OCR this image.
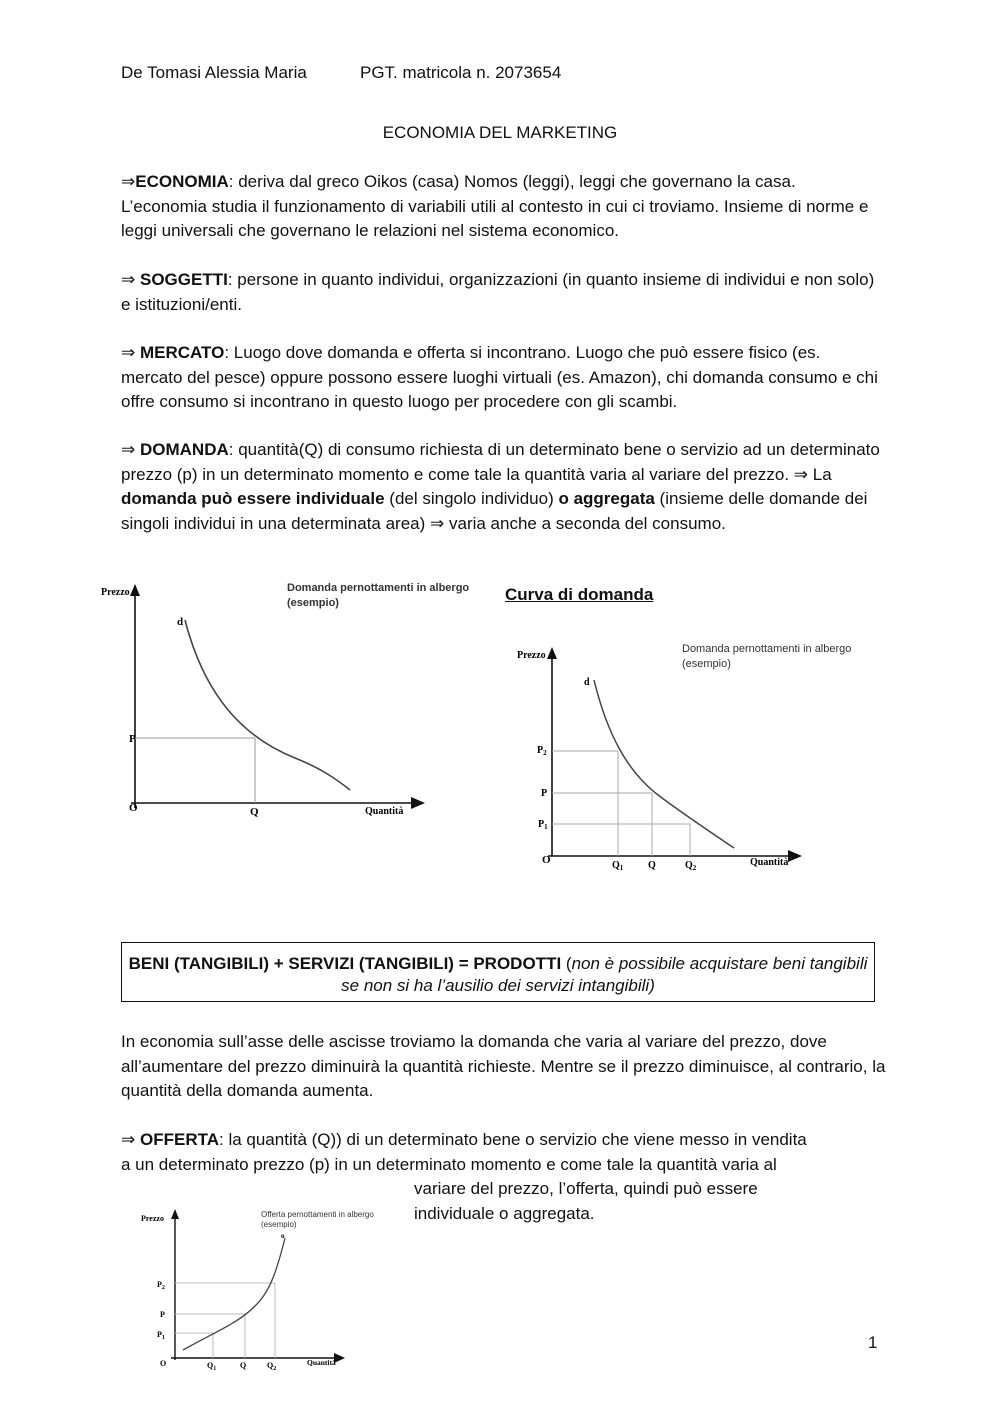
De Tomasi Alessia Maria	PGT. matricola n. 2073654
ECONOMIA DEL MARKETING
⇒ECONOMIA: deriva dal greco Oikos (casa) Nomos (leggi), leggi che governano la casa. L’economia studia il funzionamento di variabili utili al contesto in cui ci troviamo. Insieme di norme e leggi universali che governano le relazioni nel sistema economico.
⇒ SOGGETTI: persone in quanto individui, organizzazioni (in quanto insieme di individui e non solo) e istituzioni/enti.
⇒ MERCATO: Luogo dove domanda e offerta si incontrano. Luogo che può essere fisico (es. mercato del pesce) oppure possono essere luoghi virtuali (es. Amazon), chi domanda consumo e chi offre consumo si incontrano in questo luogo per procedere con gli scambi.
⇒ DOMANDA: quantità(Q) di consumo richiesta di un determinato bene o servizio ad un determinato prezzo (p) in un determinato momento e come tale la quantità varia al variare del prezzo. ⇒ La domanda può essere individuale (del singolo individuo) o aggregata (insieme delle domande dei singoli individui in una determinata area) ⇒ varia anche a seconda del consumo.
Prezzo
Quantità
Domanda pernottamenti in albergo
(esempio)
d
O
P
Q
Curva di domanda
Prezzo
Quantità
Domanda pernottamenti in albergo
(esempio)
d
O
$P_2$
P
$P_1$
$Q_1$ Q	$Q_2$
BENI (TANGIBILI) + SERVIZI (TANGIBILI) = PRODOTTI (non è possibile acquistare beni tangibili se non si ha l’ausilio dei servizi intangibili)
In economia sull’asse delle ascisse troviamo la domanda che varia al variare del prezzo, dove all’aumentare del prezzo diminuirà la quantità richieste. Mentre se il prezzo diminuisce, al contrario, la quantità della domanda aumenta.
⇒ OFFERTA: la quantità (Q)) di un determinato bene o servizio che viene messo in vendita
a un determinato prezzo (p) in un determinato momento e come tale la quantità varia al
variare del prezzo, l’offerta, quindi può essere
individuale o aggregata.
Prezzo
Quantità
Offerta pernottamenti in albergo
(esempio)
o
O
$P_2$
P
$P_1$
$Q_1$	Q	$Q_2$
1
